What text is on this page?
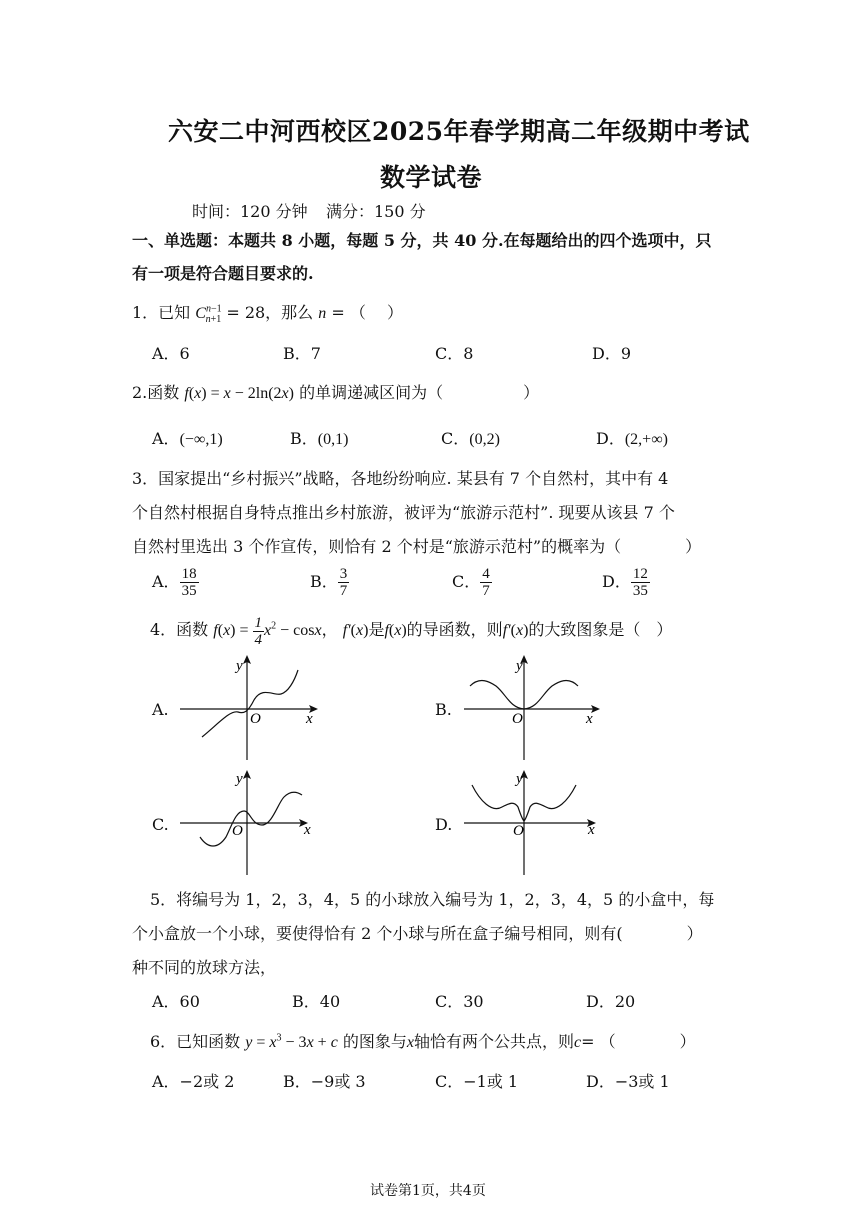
六安二中河西校区2025年春学期高二年级期中考试
数学试卷
时间：120 分钟 满分：150 分
一、单选题：本题共 8 小题，每题 5 分，共 40 分.在每题给出的四个选项中，只
有一项是符合题目要求的.
1．已知 $C^{n-1}_{n+1} = 28$，那么 n = （　 ）
A．6	B．7	C．8	D．9
2.函数 f(x) = x − 2ln(2x) 的单调递减区间为（　　　　　）
A．(−∞,1)	B．(0,1)	C．(0,2)	D．(2,+∞)
3．国家提出“乡村振兴”战略，各地纷纷响应. 某县有 7 个自然村，其中有 4
个自然村根据自身特点推出乡村旅游，被评为“旅游示范村”. 现要从该县 7 个
自然村里选出 3 个作宣传，则恰有 2 个村是“旅游示范村”的概率为（　　　　）
A． $\frac{18}{35}$	B． $\frac{3}{7}$	C． $\frac{4}{7}$	D． $\frac{12}{35}$
4．函数 $f(x) = \frac{1}{4} x^2 - \cos x$， f′(x)是f(x)的导函数，则f′(x)的大致图象是（　）
A.	B.
C.	D.
y
x
O
y
x
O
y
x
O
y
x
O
5．将编号为 1，2，3，4，5 的小球放入编号为 1，2，3，4，5 的小盒中，每
个小盒放一个小球，要使得恰有 2 个小球与所在盒子编号相同，则有(　　　　）
种不同的放球方法，
A．60	B．40	C．30	D．20
6．已知函数 $y = x^3 - 3x + c$ 的图象与x轴恰有两个公共点，则c= （　　　　）
A．−2或 2	B．−9或 3	C．−1或 1	D．−3或 1
试卷第1页，共4页
